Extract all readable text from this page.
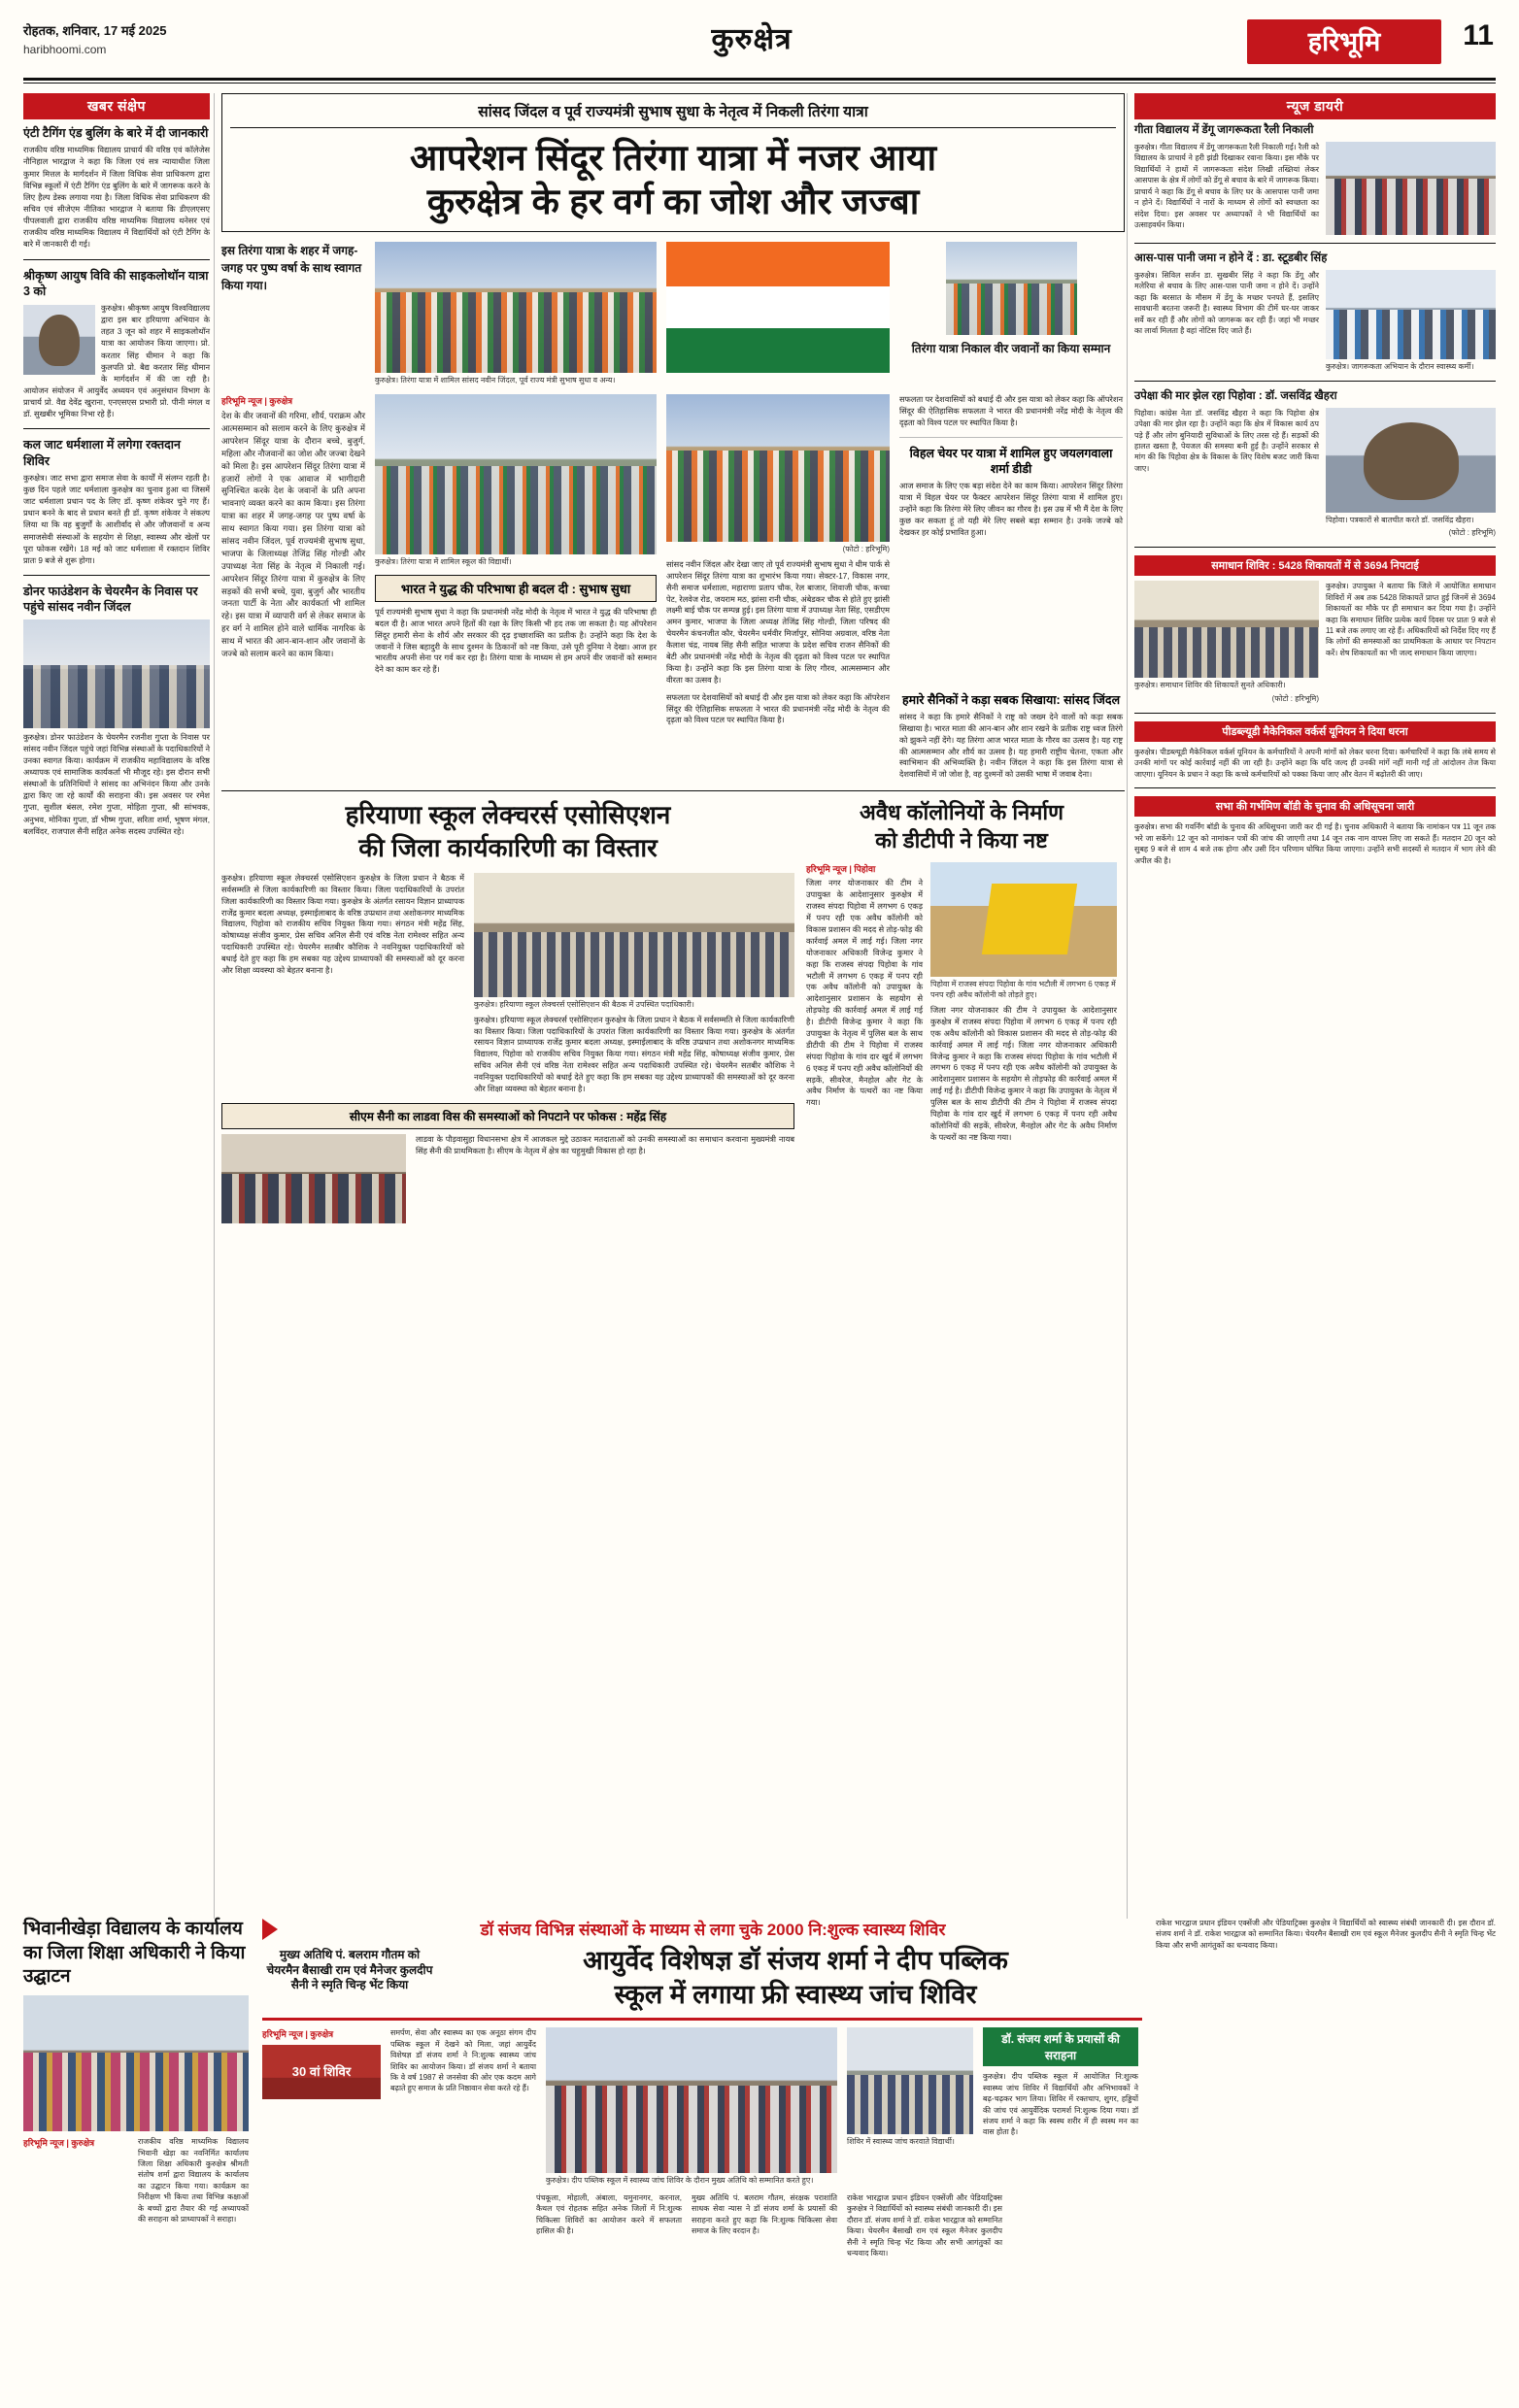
रोहतक, शनिवार, 17 मई 2025
haribhoomi.com	कुरुक्षेत्र	हरिभूमि	11
खबर संक्षेप
एंटी टैगिंग एंड बुलिंग के बारे में दी जानकारी
राजकीय वरिष्ठ माध्यमिक विद्यालय प्राचार्य की वरिष्ठ एवं कॉलेजेस नौनिहाल भारद्वाज ने कहा कि जिला एवं सत्र न्यायाधीश जिला कुमार मित्तल के मार्गदर्शन में जिला विधिक सेवा प्राधिकरण द्वारा विभिन्न स्कूलों में एंटी टैगिंग एंड बुलिंग के बारे में जागरूक करने के लिए हैल्प डेस्क लगाया गया है। जिला विधिक सेवा प्राधिकरण की सचिव एवं सीजेएम नीतिका भारद्वाज ने बताया कि डीएलएसए पीपलवाली द्वारा राजकीय वरिष्ठ माध्यमिक विद्यालय थनेसर एवं राजकीय वरिष्ठ माध्यमिक विद्यालय में विद्यार्थियों को एंटी टैगिंग के बारे में जानकारी दी गई।
श्रीकृष्ण आयुष विवि की साइकलोथॉन यात्रा 3 को
कुरुक्षेत्र। श्रीकृष्ण आयुष विश्वविद्यालय द्वारा इस बार हरियाणा अभियान के तहत 3 जून को शहर में साइकलोथॉन यात्रा का आयोजन किया जाएगा। प्रो. करतार सिंह धीमान ने कहा कि कुलपति प्रो. बैद्य करतार सिंह धीमान के मार्गदर्शन में की जा रही है। आयोजन संयोजन में आयुर्वेद अध्ययन एवं अनुसंधान विभाग के प्राचार्य प्रो. वैद्य देवेंद्र खुराना, एनएसएस प्रभारी प्रो. पीनी मंगल व डॉ. सुखबीर भूमिका निभा रहे हैं।
कल जाट धर्मशाला में लगेगा रक्तदान शिविर
कुरुक्षेत्र। जाट सभा द्वारा समाज सेवा के कार्यों में संलग्न रहती है। कुछ दिन पहले जाट धर्मशाला कुरुक्षेत्र का चुनाव हुआ था जिसमें जाट धर्मशाला प्रधान पद के लिए डॉ. कृष्ण शंकेवर चुने गए हैं। प्रधान बनने के बाद से प्रधान बनते ही डॉ. कृष्ण शंकेवर ने संकल्प लिया था कि वह बुजुर्गों के आशीर्वाद से और जौजवानों व अन्य समाजसेवी संस्थाओं के सहयोग से शिक्षा, स्वास्थ्य और खेलों पर पूरा फोकस रखेंगे। 18 मई को जाट धर्मशाला में रक्तदान शिविर प्रातः 9 बजे से शुरू होगा।
डोनर फाउंडेशन के चेयरमैन के निवास पर पहुंचे सांसद नवीन जिंदल
कुरुक्षेत्र। डोनर फाउंडेशन के चेयरमैन रजनीश गुप्ता के निवास पर सांसद नवीन जिंदल पहुंचे जहां विभिन्न संस्थाओं के पदाधिकारियों ने उनका स्वागत किया। कार्यक्रम में राजकीय महाविद्यालय के वरिष्ठ अध्यापक एवं सामाजिक कार्यकर्ता भी मौजूद रहे। इस दौरान सभी संस्थाओं के प्रतिनिधियों ने सांसद का अभिनंदन किया और उनके द्वारा किए जा रहे कार्यों की सराहना की। इस अवसर पर रमेश गुप्ता, सुशील बंसल, रमेश गुप्ता, मोहिता गुप्ता, श्री सांभवक, अनुभव, मोनिका गुप्ता, डॉ भीष्म गुप्ता, सरिता शर्मा, भूषण मंगल, बलविंदर, राजपाल सैनी सहित अनेक सदस्य उपस्थित रहे।
सांसद जिंदल व पूर्व राज्यमंत्री सुभाष सुधा के नेतृत्व में निकली तिरंगा यात्रा
आपरेशन सिंदूर तिरंगा यात्रा में नजर आया
कुरुक्षेत्र के हर वर्ग का जोश और जज्बा
इस तिरंगा यात्रा के शहर में जगह-जगह पर पुष्प वर्षा के साथ स्वागत किया गया।
कुरुक्षेत्र। तिरंगा यात्रा में शामिल सांसद नवीन जिंदल, पूर्व राज्य मंत्री सुभाष सुधा व अन्य।
तिरंगा यात्रा निकाल वीर जवानों का किया सम्मान
हरिभूमि न्यूज | कुरुक्षेत्र
देश के वीर जवानों की गरिमा, शौर्य, पराक्रम और आत्मसम्मान को सलाम करने के लिए कुरुक्षेत्र में आपरेशन सिंदूर यात्रा के दौरान बच्चे, बुजुर्ग, महिला और नौजवानों का जोश और जज्बा देखने को मिला है। इस आपरेशन सिंदूर तिरंगा यात्रा में हजारों लोगों ने एक आवाज में भागीदारी सुनिश्चित करके देश के जवानों के प्रति अपना भावनाएं व्यक्त करने का काम किया। इस तिरंगा यात्रा का शहर में जगह-जगह पर पुष्प वर्षा के साथ स्वागत किया गया। इस तिरंगा यात्रा को सांसद नवीन जिंदल, पूर्व राज्यमंत्री सुभाष सुधा, भाजपा के जिलाध्यक्ष तेजिंद्र सिंह गोल्डी और उपाध्यक्ष नेता सिंह के नेतृत्व में निकाली गई। आपरेशन सिंदूर तिरंगा यात्रा में कुरुक्षेत्र के लिए सड़कों की सभी बच्चे, युवा, बुजुर्ग और भारतीय जनता पार्टी के नेता और कार्यकर्ता भी शामिल रहे। इस यात्रा में व्यापारी वर्ग से लेकर समाज के हर वर्ग ने शामिल होने वाले धार्मिक नागरिक के साथ में भारत की आन-बान-शान और जवानों के जज्बे को सलाम करने का काम किया।
कुरुक्षेत्र। तिरंगा यात्रा में शामिल स्कूल की विद्यार्थी।
भारत ने युद्ध की परिभाषा ही बदल दी : सुभाष सुधा
पूर्व राज्यमंत्री सुभाष सुधा ने कहा कि प्रधानमंत्री नरेंद्र मोदी के नेतृत्व में भारत ने युद्ध की परिभाषा ही बदल दी है। आज भारत अपने हितों की रक्षा के लिए किसी भी हद तक जा सकता है। यह ऑपरेशन सिंदूर हमारी सेना के शौर्य और सरकार की दृढ़ इच्छाशक्ति का प्रतीक है। उन्होंने कहा कि देश के जवानों ने जिस बहादुरी के साथ दुश्मन के ठिकानों को नष्ट किया, उसे पूरी दुनिया ने देखा। आज हर भारतीय अपनी सेना पर गर्व कर रहा है। तिरंगा यात्रा के माध्यम से हम अपने वीर जवानों को सम्मान देने का काम कर रहे हैं।
(फोटो : हरिभूमि)
सांसद नवीन जिंदल और देखा जाए तो पूर्व राज्यमंत्री सुभाष सुधा ने थीम पार्क से आपरेशन सिंदूर तिरंगा यात्रा का शुभारंभ किया गया। सेक्टर-17, विकास नगर, सैनी समाज धर्मशाला, महाराणा प्रताप चौक, रेल बाजार, शिवाजी चौक, कच्चा पेट, रेलवेज रोड, जयराम मठ, झांसा रानी चौक, अंबेडकर चौक से होते हुए झांसी लक्ष्मी बाई चौक पर सम्पन्न हुई। इस तिरंगा यात्रा में उपाध्यक्ष नेता सिंह, एसडीएम अमन कुमार, भाजपा के जिला अध्यक्ष तेजिंद्र सिंह गोल्डी, जिला परिषद की चेयरमैन कंचनजीत कौर, चेयरमैन धर्मवीर मिर्जापुर, सोनिया अग्रवाल, वरिष्ठ नेता कैलाश चंद्र, नायब सिंह सैनी सहित भाजपा के प्रदेश सचिव राजन सैनिकों की बेटी और प्रधानमंत्री नरेंद्र मोदी के नेतृत्व की दृढ़ता को विश्व पटल पर स्थापित किया है। उन्होंने कहा कि इस तिरंगा यात्रा के लिए गौरव, आत्मसम्मान और वीरता का उत्सव है।
सफलता पर देशवासियों को बधाई दी और इस यात्रा को लेकर कहा कि ऑपरेशन सिंदूर की ऐतिहासिक सफलता ने भारत की प्रधानमंत्री नरेंद्र मोदी के नेतृत्व की दृढ़ता को विश्व पटल पर स्थापित किया है।
विहल चेयर पर यात्रा में शामिल हुए जयलगवाला शर्मा डीडी
आज समाज के लिए एक बड़ा संदेश देने का काम किया। आपरेशन सिंदूर तिरंगा यात्रा में विहल चेयर पर फैक्टर आपरेशन सिंदूर तिरंगा यात्रा में शामिल हुए। उन्होंने कहा कि तिरंगा मेरे लिए जीवन का गौरव है। इस उम्र में भी मैं देश के लिए कुछ कर सकता हूं तो यही मेरे लिए सबसे बड़ा सम्मान है। उनके जज्बे को देखकर हर कोई प्रभावित हुआ।
सफलता पर देशवासियों को बधाई दी और इस यात्रा को लेकर कहा कि ऑपरेशन सिंदूर की ऐतिहासिक सफलता ने भारत की प्रधानमंत्री नरेंद्र मोदी के नेतृत्व की दृढ़ता को विश्व पटल पर स्थापित किया है।
हमारे सैनिकों ने कड़ा सबक सिखाया: सांसद जिंदल
सांसद ने कहा कि हमारे सैनिकों ने राष्ट्र को जख्म देने वालों को कड़ा सबक सिखाया है। भारत माता की आन-बान और शान रखने के प्रतीक राष्ट्र ध्वज तिरंगे को झुकने नहीं देंगे। यह तिरंगा आज भारत माता के गौरव का उत्सव है। यह राष्ट्र की आत्मसम्मान और शौर्य का उत्सव है। यह हमारी राष्ट्रीय चेतना, एकता और स्वाभिमान की अभिव्यक्ति है। नवीन जिंदल ने कहा कि इस तिरंगा यात्रा से देशवासियों में जो जोश है, वह दुश्मनों को उसकी भाषा में जवाब देना।
हरियाणा स्कूल लेक्चरर्स एसोसिएशन
की जिला कार्यकारिणी का विस्तार
कुरुक्षेत्र। हरियाणा स्कूल लेक्चरर्स एसोसिएशन कुरुक्षेत्र के जिला प्रधान ने बैठक में सर्वसम्मति से जिला कार्यकारिणी का विस्तार किया। जिला पदाधिकारियों के उपरांत जिला कार्यकारिणी का विस्तार किया गया। कुरुक्षेत्र के अंतर्गत रसायन विज्ञान प्राध्यापक राजेंद्र कुमार बदला अध्यक्ष, इस्माईलाबाद के वरिष्ठ उप्प्रधान तथा अशोकनगर माध्यमिक विद्यालय, पिहोवा को राजकीय सचिव नियुक्त किया गया। संगठन मंत्री महेंद्र सिंह, कोषाध्यक्ष संजीव कुमार, प्रेस सचिव अनिल सैनी एवं वरिष्ठ नेता रामेश्वर सहित अन्य पदाधिकारी उपस्थित रहे। चेयरमैन सतबीर कौशिक ने नवनियुक्त पदाधिकारियों को बधाई देते हुए कहा कि हम सबका यह उद्देश्य प्राध्यापकों की समस्याओं को दूर करना और शिक्षा व्यवस्था को बेहतर बनाना है।
कुरुक्षेत्र। हरियाणा स्कूल लेक्चरर्स एसोसिएशन की बैठक में उपस्थित पदाधिकारी।
कुरुक्षेत्र। हरियाणा स्कूल लेक्चरर्स एसोसिएशन कुरुक्षेत्र के जिला प्रधान ने बैठक में सर्वसम्मति से जिला कार्यकारिणी का विस्तार किया। जिला पदाधिकारियों के उपरांत जिला कार्यकारिणी का विस्तार किया गया। कुरुक्षेत्र के अंतर्गत रसायन विज्ञान प्राध्यापक राजेंद्र कुमार बदला अध्यक्ष, इस्माईलाबाद के वरिष्ठ उप्प्रधान तथा अशोकनगर माध्यमिक विद्यालय, पिहोवा को राजकीय सचिव नियुक्त किया गया। संगठन मंत्री महेंद्र सिंह, कोषाध्यक्ष संजीव कुमार, प्रेस सचिव अनिल सैनी एवं वरिष्ठ नेता रामेश्वर सहित अन्य पदाधिकारी उपस्थित रहे। चेयरमैन सतबीर कौशिक ने नवनियुक्त पदाधिकारियों को बधाई देते हुए कहा कि हम सबका यह उद्देश्य प्राध्यापकों की समस्याओं को दूर करना और शिक्षा व्यवस्था को बेहतर बनाना है।
सीएम सैनी का लाडवा विस की समस्याओं को निपटाने पर फोकस : महेंद्र सिंह
लाडवा के पौड़वासुहा विधानसभा क्षेत्र में आजकल मुद्दे उठाकर मतदाताओं को उनकी समस्याओं का समाधान करवाना मुख्यमंत्री नायब सिंह सैनी की प्राथमिकता है। सीएम के नेतृत्व में क्षेत्र का चहुमुखी विकास हो रहा है।
अवैध कॉलोनियों के निर्माण
को डीटीपी ने किया नष्ट
हरिभूमि न्यूज | पिहोवा
जिला नगर योजनाकार की टीम ने उपायुक्त के आदेशानुसार कुरुक्षेत्र में राजस्व संपदा पिहोवा में लगभग 6 एकड़ में पनप रही एक अवैध कॉलोनी को विकास प्रशासन की मदद से तोड़-फोड़ की कार्रवाई अमल में लाई गई। जिला नगर योजनाकार अधिकारी विजेन्द्र कुमार ने कहा कि राजस्व संपदा पिहोवा के गांव भटौली में लगभग 6 एकड़ में पनप रही एक अवैध कॉलोनी को उपायुक्त के आदेशानुसार प्रशासन के सहयोग से तोड़फोड़ की कार्रवाई अमल में लाई गई है। डीटीपी विजेन्द्र कुमार ने कहा कि उपायुक्त के नेतृत्व में पुलिस बल के साथ डीटीपी की टीम ने पिहोवा में राजस्व संपदा पिहोवा के गांव दार खुर्द में लगभग 6 एकड़ में पनप रही अवैध कॉलोनियों की सड़कें, सीवरेज, मैनहोल और गेट के अवैध निर्माण के पत्थरों का नष्ट किया गया।
पिहोवा में राजस्व संपदा पिहोवा के गांव भटौली में लगभग 6 एकड़ में पनप रही अवैध कॉलोनी को तोड़ते हुए।
जिला नगर योजनाकार की टीम ने उपायुक्त के आदेशानुसार कुरुक्षेत्र में राजस्व संपदा पिहोवा में लगभग 6 एकड़ में पनप रही एक अवैध कॉलोनी को विकास प्रशासन की मदद से तोड़-फोड़ की कार्रवाई अमल में लाई गई। जिला नगर योजनाकार अधिकारी विजेन्द्र कुमार ने कहा कि राजस्व संपदा पिहोवा के गांव भटौली में लगभग 6 एकड़ में पनप रही एक अवैध कॉलोनी को उपायुक्त के आदेशानुसार प्रशासन के सहयोग से तोड़फोड़ की कार्रवाई अमल में लाई गई है। डीटीपी विजेन्द्र कुमार ने कहा कि उपायुक्त के नेतृत्व में पुलिस बल के साथ डीटीपी की टीम ने पिहोवा में राजस्व संपदा पिहोवा के गांव दार खुर्द में लगभग 6 एकड़ में पनप रही अवैध कॉलोनियों की सड़कें, सीवरेज, मैनहोल और गेट के अवैध निर्माण के पत्थरों का नष्ट किया गया।
न्यूज डायरी
गीता विद्यालय में डेंगू जागरूकता रैली निकाली
कुरुक्षेत्र। गीता विद्यालय में डेंगू जागरूकता रैली निकाली गई। रैली को विद्यालय के प्राचार्य ने हरी झंडी दिखाकर रवाना किया। इस मौके पर विद्यार्थियों ने हाथों में जागरूकता संदेश लिखी तख्तियां लेकर आसपास के क्षेत्र में लोगों को डेंगू से बचाव के बारे में जागरूक किया। प्राचार्य ने कहा कि डेंगू से बचाव के लिए घर के आसपास पानी जमा न होने दें। विद्यार्थियों ने नारों के माध्यम से लोगों को स्वच्छता का संदेश दिया। इस अवसर पर अध्यापकों ने भी विद्यार्थियों का उत्साहवर्धन किया।
आस-पास पानी जमा न होने दें : डा. स्टूडबीर सिंह
कुरुक्षेत्र। सिविल सर्जन डा. सुखबीर सिंह ने कहा कि डेंगू और मलेरिया से बचाव के लिए आस-पास पानी जमा न होने दें। उन्होंने कहा कि बरसात के मौसम में डेंगू के मच्छर पनपते हैं, इसलिए सावधानी बरतना जरूरी है। स्वास्थ्य विभाग की टीमें घर-घर जाकर सर्वे कर रही हैं और लोगों को जागरूक कर रही हैं। जहां भी मच्छर का लार्वा मिलता है वहां नोटिस दिए जाते हैं।
कुरुक्षेत्र। जागरूकता अभियान के दौरान स्वास्थ्य कर्मी।
उपेक्षा की मार झेल रहा पिहोवा : डॉ. जसविंद्र खैहरा
पिहोवा। कांग्रेस नेता डॉ. जसविंद्र खैहरा ने कहा कि पिहोवा क्षेत्र उपेक्षा की मार झेल रहा है। उन्होंने कहा कि क्षेत्र में विकास कार्य ठप पड़े हैं और लोग बुनियादी सुविधाओं के लिए तरस रहे हैं। सड़कों की हालत खस्ता है, पेयजल की समस्या बनी हुई है। उन्होंने सरकार से मांग की कि पिहोवा क्षेत्र के विकास के लिए विशेष बजट जारी किया जाए।
पिहोवा। पत्रकारों से बातचीत करते डॉ. जसविंद्र खैहरा।
(फोटो : हरिभूमि)
समाधान शिविर : 5428 शिकायतों में से 3694 निपटाई
कुरुक्षेत्र। समाधान शिविर की शिकायतें सुनते अधिकारी।
(फोटो : हरिभूमि)
कुरुक्षेत्र। उपायुक्त ने बताया कि जिले में आयोजित समाधान शिविरों में अब तक 5428 शिकायतें प्राप्त हुई जिनमें से 3694 शिकायतों का मौके पर ही समाधान कर दिया गया है। उन्होंने कहा कि समाधान शिविर प्रत्येक कार्य दिवस पर प्रातः 9 बजे से 11 बजे तक लगाए जा रहे हैं। अधिकारियों को निर्देश दिए गए हैं कि लोगों की समस्याओं का प्राथमिकता के आधार पर निपटान करें। शेष शिकायतों का भी जल्द समाधान किया जाएगा।
पीडब्ल्यूडी मैकेनिकल वर्कर्स यूनियन ने दिया धरना
कुरुक्षेत्र। पीडब्ल्यूडी मैकेनिकल वर्कर्स यूनियन के कर्मचारियों ने अपनी मांगों को लेकर धरना दिया। कर्मचारियों ने कहा कि लंबे समय से उनकी मांगों पर कोई कार्रवाई नहीं की जा रही है। उन्होंने कहा कि यदि जल्द ही उनकी मांगें नहीं मानी गईं तो आंदोलन तेज किया जाएगा। यूनियन के प्रधान ने कहा कि कच्चे कर्मचारियों को पक्का किया जाए और वेतन में बढ़ोतरी की जाए।
सभा की गर्भमिण बॉडी के चुनाव की अधिसूचना जारी
कुरुक्षेत्र। सभा की गवर्निंग बॉडी के चुनाव की अधिसूचना जारी कर दी गई है। चुनाव अधिकारी ने बताया कि नामांकन पत्र 11 जून तक भरे जा सकेंगे। 12 जून को नामांकन पत्रों की जांच की जाएगी तथा 14 जून तक नाम वापस लिए जा सकते हैं। मतदान 20 जून को सुबह 9 बजे से शाम 4 बजे तक होगा और उसी दिन परिणाम घोषित किया जाएगा। उन्होंने सभी सदस्यों से मतदान में भाग लेने की अपील की है।
भिवानीखेड़ा विद्यालय के कार्यालय का जिला शिक्षा अधिकारी ने किया उद्घाटन
हरिभूमि न्यूज | कुरुक्षेत्र	राजकीय वरिष्ठ माध्यमिक विद्यालय भिवानी खेड़ा का नवनिर्मित कार्यालय जिला शिक्षा अधिकारी कुरुक्षेत्र श्रीमती संतोष शर्मा द्वारा विद्यालय के कार्यालय का उद्घाटन किया गया। कार्यक्रम का निरीक्षण भी किया तथा विभिन्न कक्षाओं के बच्चों द्वारा तैयार की गई अध्यापकों की सराहना को प्राध्यापकों ने सराहा।
डॉ संजय विभिन्न संस्थाओं के माध्यम से लगा चुके 2000 नि:शुल्क स्वास्थ्य शिविर
मुख्य अतिथि पं. बलराम गौतम को चेयरमैन बैसाखी राम एवं मैनेजर कुलदीप सैनी ने स्मृति चिन्ह भेंट किया
आयुर्वेद विशेषज्ञ डॉ संजय शर्मा ने दीप पब्लिक
स्कूल में लगाया फ्री स्वास्थ्य जांच शिविर
हरिभूमि न्यूज | कुरुक्षेत्र
30 वां शिविर
समर्पण, सेवा और स्वास्थ्य का एक अनूठा संगम दीप पब्लिक स्कूल में देखने को मिला, जहां आयुर्वेद विशेषज्ञ डॉ संजय शर्मा ने नि:शुल्क स्वास्थ्य जांच शिविर का आयोजन किया। डॉ संजय शर्मा ने बताया कि वे वर्ष 1987 से जनसेवा की ओर एक कदम आगे बढ़ाते हुए समाज के प्रति निष्ठावान सेवा करते रहे हैं।
कुरुक्षेत्र। दीप पब्लिक स्कूल में स्वास्थ्य जांच शिविर के दौरान मुख्य अतिथि को सम्मानित करते हुए।
शिविर में स्वास्थ्य जांच करवाते विद्यार्थी।
डॉ. संजय शर्मा के प्रयासों की सराहना
कुरुक्षेत्र। दीप पब्लिक स्कूल में आयोजित नि:शुल्क स्वास्थ्य जांच शिविर में विद्यार्थियों और अभिभावकों ने बढ़-चढ़कर भाग लिया। शिविर में रक्तचाप, शुगर, हड्डियों की जांच एवं आयुर्वेदिक परामर्श नि:शुल्क दिया गया। डॉ संजय शर्मा ने कहा कि स्वस्थ शरीर में ही स्वस्थ मन का वास होता है।
पंचकूला, मोहाली, अंबाला, यमुनानगर, करनाल, कैथल एवं रोहतक सहित अनेक जिलों में नि:शुल्क चिकित्सा शिविरों का आयोजन करने में सफलता हासिल की है।
मुख्य अतिथि पं. बलराम गौतम, संरक्षक पराशांति साधक सेवा न्यास ने डॉ संजय शर्मा के प्रयासों की सराहना करते हुए कहा कि नि:शुल्क चिकित्सा सेवा समाज के लिए वरदान है।
राकेश भारद्वाज प्रधान इंडियन एक्सेंजी और पेडियाट्रिक्स कुरुक्षेत्र ने विद्यार्थियों को स्वास्थ्य संबंधी जानकारी दी। इस दौरान डॉ. संजय शर्मा ने डॉ. राकेश भारद्वाज को सम्मानित किया। चेयरमैन बैसाखी राम एवं स्कूल मैनेजर कुलदीप सैनी ने स्मृति चिन्ह भेंट किया और सभी आगंतुकों का धन्यवाद किया।
राकेश भारद्वाज प्रधान इंडियन एक्सेंजी और पेडियाट्रिक्स कुरुक्षेत्र ने विद्यार्थियों को स्वास्थ्य संबंधी जानकारी दी। इस दौरान डॉ. संजय शर्मा ने डॉ. राकेश भारद्वाज को सम्मानित किया। चेयरमैन बैसाखी राम एवं स्कूल मैनेजर कुलदीप सैनी ने स्मृति चिन्ह भेंट किया और सभी आगंतुकों का धन्यवाद किया।
